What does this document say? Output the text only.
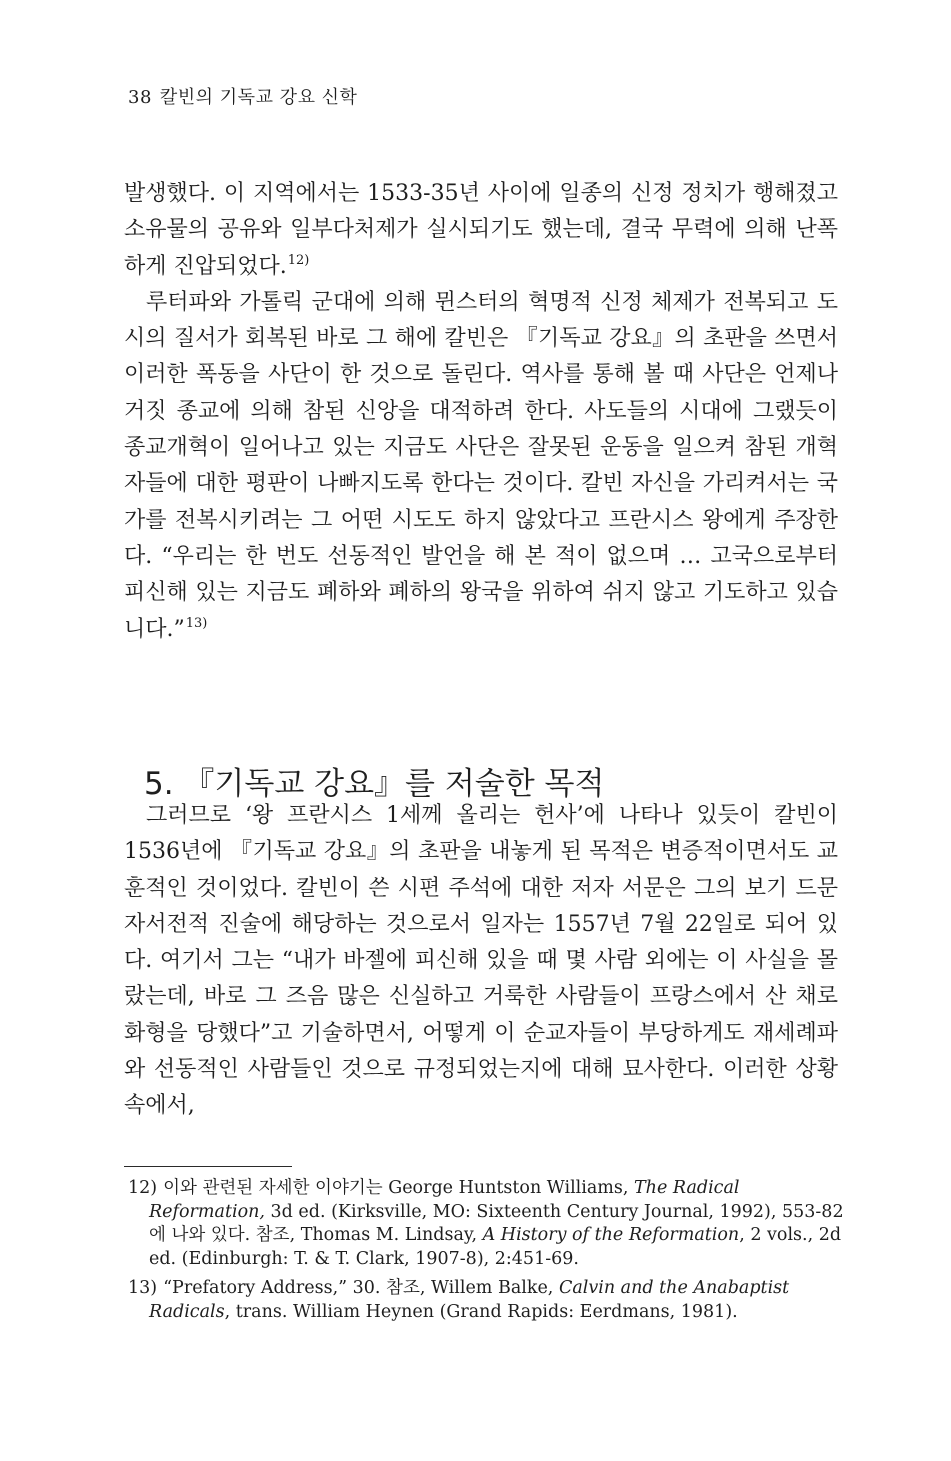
38 칼빈의 기독교 강요 신학

발생했다. 이 지역에서는 1533-35년 사이에 일종의 신정 정치가 행해졌고 소유물의 공유와 일부다처제가 실시되기도 했는데, 결국 무력에 의해 난폭하게 진압되었다.$^{12)}$

루터파와 가톨릭 군대에 의해 뮌스터의 혁명적 신정 체제가 전복되고 도시의 질서가 회복된 바로 그 해에 칼빈은 『기독교 강요』의 초판을 쓰면서 이러한 폭동을 사단이 한 것으로 돌린다. 역사를 통해 볼 때 사단은 언제나 거짓 종교에 의해 참된 신앙을 대적하려 한다. 사도들의 시대에 그랬듯이 종교개혁이 일어나고 있는 지금도 사단은 잘못된 운동을 일으켜 참된 개혁자들에 대한 평판이 나빠지도록 한다는 것이다. 칼빈 자신을 가리켜서는 국가를 전복시키려는 그 어떤 시도도 하지 않았다고 프란시스 왕에게 주장한다. “우리는 한 번도 선동적인 발언을 해 본 적이 없으며 … 고국으로부터 피신해 있는 지금도 폐하와 폐하의 왕국을 위하여 쉬지 않고 기도하고 있습니다.”$^{13)}$

5. 『기독교 강요』를 저술한 목적

그러므로 ‘왕 프란시스 1세께 올리는 헌사’에 나타나 있듯이 칼빈이 1536년에 『기독교 강요』의 초판을 내놓게 된 목적은 변증적이면서도 교훈적인 것이었다. 칼빈이 쓴 시편 주석에 대한 저자 서문은 그의 보기 드문 자서전적 진술에 해당하는 것으로서 일자는 1557년 7월 22일로 되어 있다. 여기서 그는 “내가 바젤에 피신해 있을 때 몇 사람 외에는 이 사실을 몰랐는데, 바로 그 즈음 많은 신실하고 거룩한 사람들이 프랑스에서 산 채로 화형을 당했다”고 기술하면서, 어떻게 이 순교자들이 부당하게도 재세례파와 선동적인 사람들인 것으로 규정되었는지에 대해 묘사한다. 이러한 상황 속에서,

12) 이와 관련된 자세한 이야기는 George Huntston Williams, The Radical Reformation, 3d ed. (Kirksville, MO: Sixteenth Century Journal, 1992), 553-82에 나와 있다. 참조, Thomas M. Lindsay, A History of the Reformation, 2 vols., 2d ed. (Edinburgh: T. & T. Clark, 1907-8), 2:451-69.

13) “Prefatory Address,” 30. 참조, Willem Balke, Calvin and the Anabaptist Radicals, trans. William Heynen (Grand Rapids: Eerdmans, 1981).
